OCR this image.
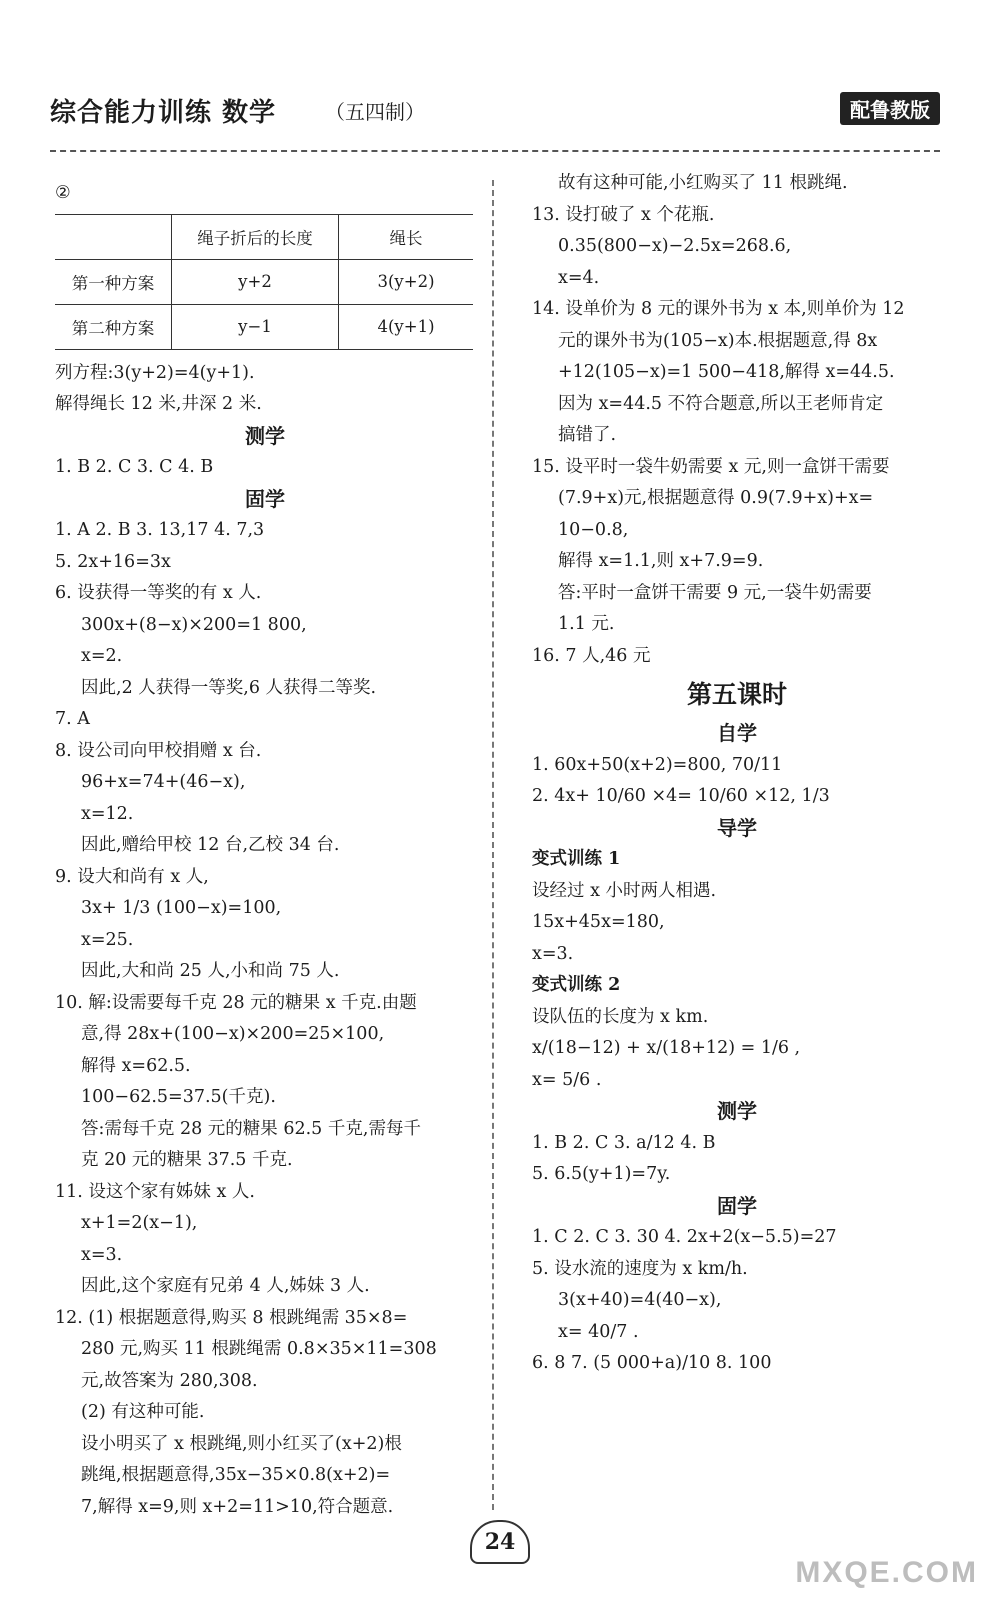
综合能力训练 数学 （五四制）	配鲁教版
②
	绳子折后的长度	绳长
第一种方案	y+2	3(y+2)
第二种方案	y−1	4(y+1)
列方程:3(y+2)=4(y+1).
解得绳长 12 米,井深 2 米.
测学
1. B 2. C 3. C 4. B
固学
1. A 2. B 3. 13,17 4. 7,3
5. 2x+16=3x
6. 设获得一等奖的有 x 人.
300x+(8−x)×200=1 800,
x=2.
因此,2 人获得一等奖,6 人获得二等奖.
7. A
8. 设公司向甲校捐赠 x 台.
96+x=74+(46−x),
x=12.
因此,赠给甲校 12 台,乙校 34 台.
9. 设大和尚有 x 人,
3x+ 1/3 (100−x)=100,
x=25.
因此,大和尚 25 人,小和尚 75 人.
10. 解:设需要每千克 28 元的糖果 x 千克.由题
意,得 28x+(100−x)×200=25×100,
解得 x=62.5.
100−62.5=37.5(千克).
答:需每千克 28 元的糖果 62.5 千克,需每千
克 20 元的糖果 37.5 千克.
11. 设这个家有姊妹 x 人.
x+1=2(x−1),
x=3.
因此,这个家庭有兄弟 4 人,姊妹 3 人.
12. (1) 根据题意得,购买 8 根跳绳需 35×8=
280 元,购买 11 根跳绳需 0.8×35×11=308
元,故答案为 280,308.
(2) 有这种可能.
设小明买了 x 根跳绳,则小红买了(x+2)根
跳绳,根据题意得,35x−35×0.8(x+2)=
7,解得 x=9,则 x+2=11>10,符合题意.
故有这种可能,小红购买了 11 根跳绳.
13. 设打破了 x 个花瓶.
0.35(800−x)−2.5x=268.6,
x=4.
14. 设单价为 8 元的课外书为 x 本,则单价为 12
元的课外书为(105−x)本.根据题意,得 8x
+12(105−x)=1 500−418,解得 x=44.5.
因为 x=44.5 不符合题意,所以王老师肯定
搞错了.
15. 设平时一袋牛奶需要 x 元,则一盒饼干需要
(7.9+x)元,根据题意得 0.9(7.9+x)+x=
10−0.8,
解得 x=1.1,则 x+7.9=9.
答:平时一盒饼干需要 9 元,一袋牛奶需要
1.1 元.
16. 7 人,46 元
第五课时
自学
1. 60x+50(x+2)=800, 70/11
2. 4x+ 10/60 ×4= 10/60 ×12, 1/3
导学
变式训练 1
设经过 x 小时两人相遇.
15x+45x=180,
x=3.
变式训练 2
设队伍的长度为 x km.
x/(18−12) + x/(18+12) = 1/6 ,
x= 5/6 .
测学
1. B 2. C 3. a/12 4. B
5. 6.5(y+1)=7y.
固学
1. C 2. C 3. 30 4. 2x+2(x−5.5)=27
5. 设水流的速度为 x km/h.
3(x+40)=4(40−x),
x= 40/7 .
6. 8 7. (5 000+a)/10 8. 100
24
MXQE.COM
